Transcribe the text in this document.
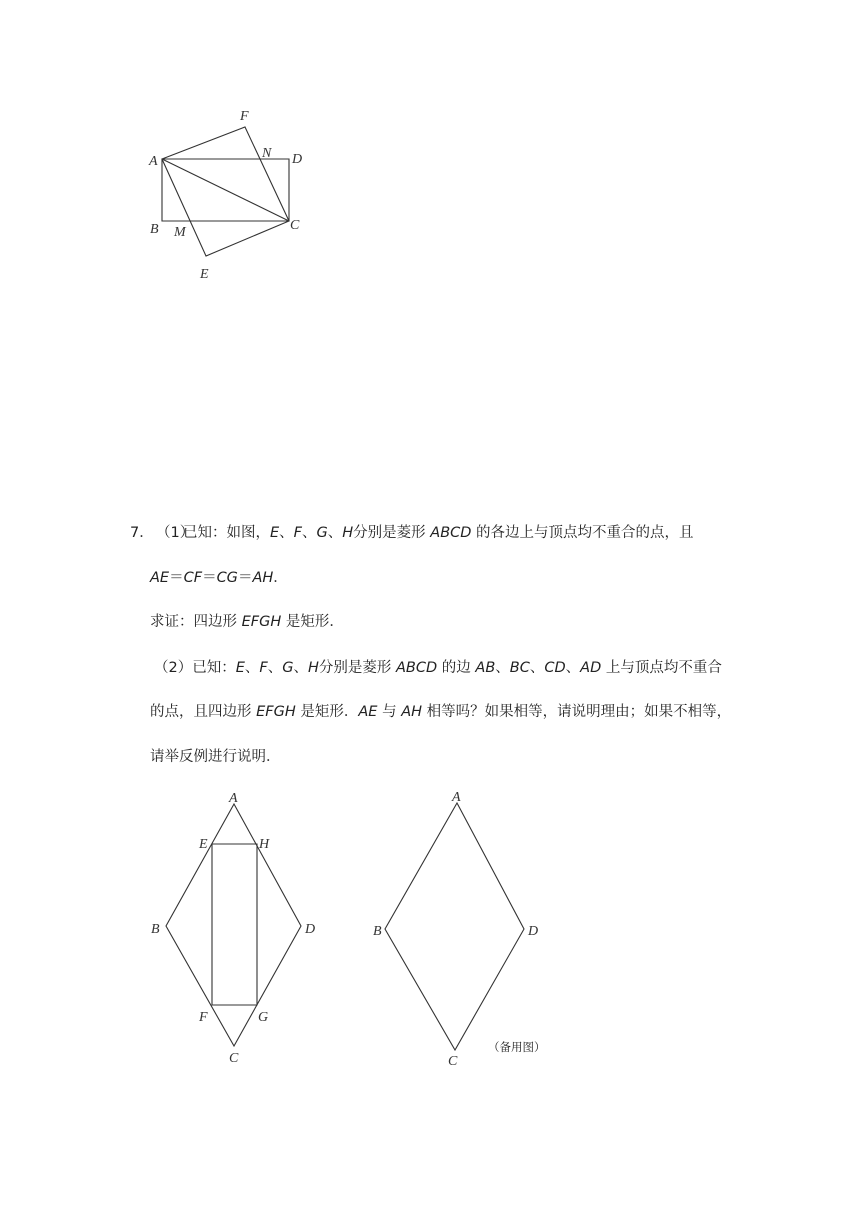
A
B	C
D
E
F
M
N
7． （1）
已知：如图，E、F、G、H分别是菱形 ABCD 的各边上与顶点均不重合的点，且
AE＝CF＝CG＝AH．
求证：四边形 EFGH 是矩形．
（2）已知：E、F、G、H分别是菱形 ABCD 的边 AB、BC、CD、AD 上与顶点均不重合
的点，且四边形 EFGH 是矩形．AE 与 AH 相等吗？如果相等，请说明理由；如果不相等，
请举反例进行说明．
A
B
C
D
E
F	G
H
A
B
C
D
（备用图）
